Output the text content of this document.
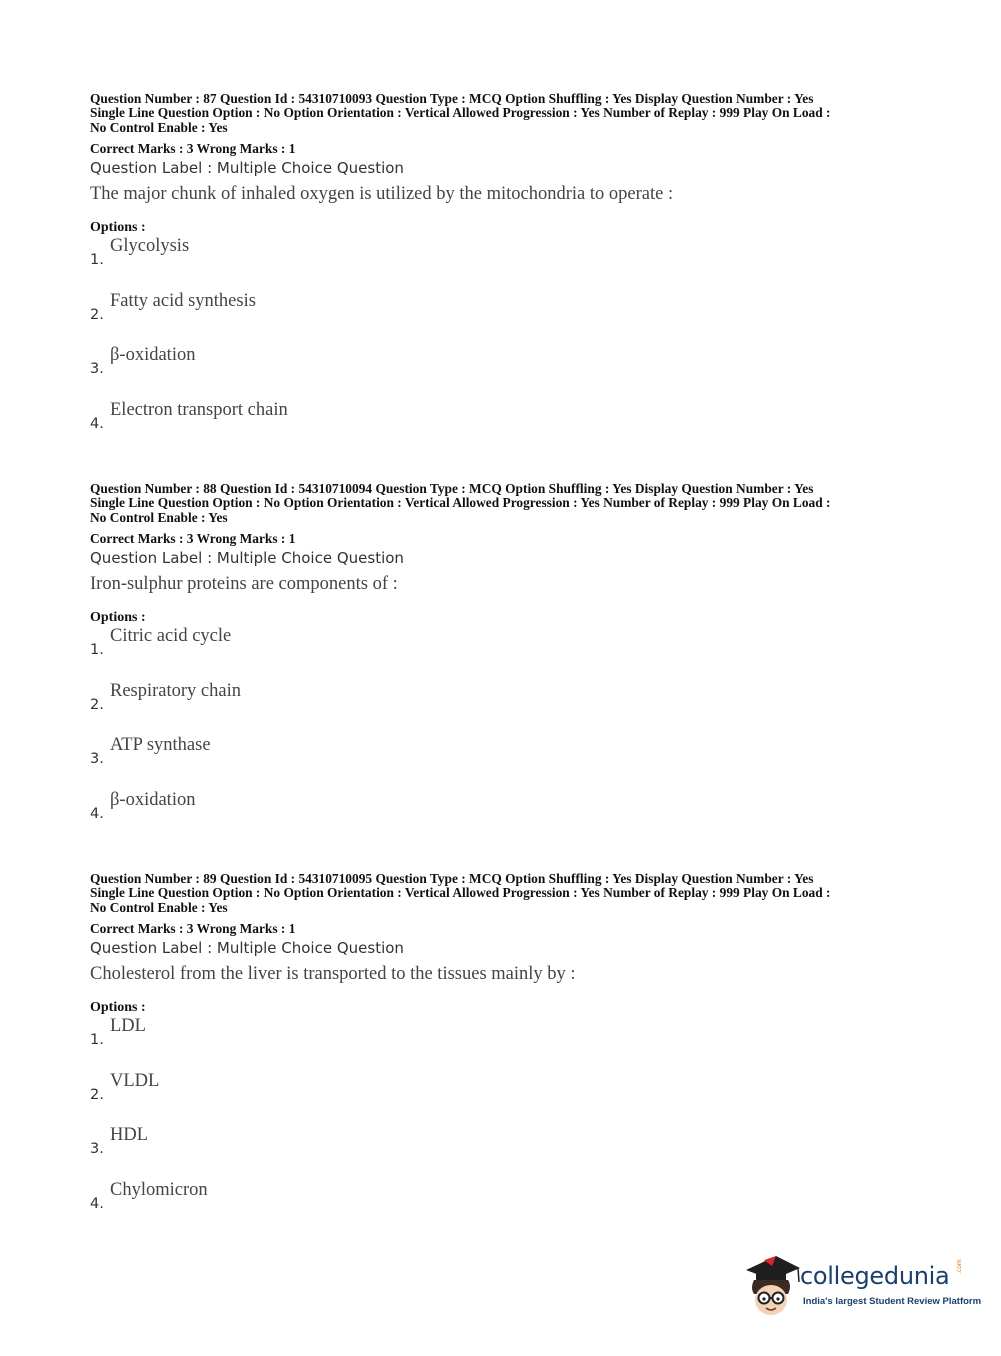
Question Number : 87 Question Id : 54310710093 Question Type : MCQ Option Shuffling : Yes Display Question Number : Yes
Single Line Question Option : No Option Orientation : Vertical Allowed Progression : Yes Number of Replay : 999 Play On Load :
No Control Enable : Yes
Correct Marks : 3 Wrong Marks : 1
Question Label : Multiple Choice Question
The major chunk of inhaled oxygen is utilized by the mitochondria to operate :
Options :
1.
Glycolysis
2.
Fatty acid synthesis
3.
β-oxidation
4.
Electron transport chain
Question Number : 88 Question Id : 54310710094 Question Type : MCQ Option Shuffling : Yes Display Question Number : Yes
Single Line Question Option : No Option Orientation : Vertical Allowed Progression : Yes Number of Replay : 999 Play On Load :
No Control Enable : Yes
Correct Marks : 3 Wrong Marks : 1
Question Label : Multiple Choice Question
Iron-sulphur proteins are components of :
Options :
1.
Citric acid cycle
2.
Respiratory chain
3.
ATP synthase
4.
β-oxidation
Question Number : 89 Question Id : 54310710095 Question Type : MCQ Option Shuffling : Yes Display Question Number : Yes
Single Line Question Option : No Option Orientation : Vertical Allowed Progression : Yes Number of Replay : 999 Play On Load :
No Control Enable : Yes
Correct Marks : 3 Wrong Marks : 1
Question Label : Multiple Choice Question
Cholesterol from the liver is transported to the tissues mainly by :
Options :
1.
LDL
2.
VLDL
3.
HDL
4.
Chylomicron
collegedunia .com
India's largest Student Review Platform
